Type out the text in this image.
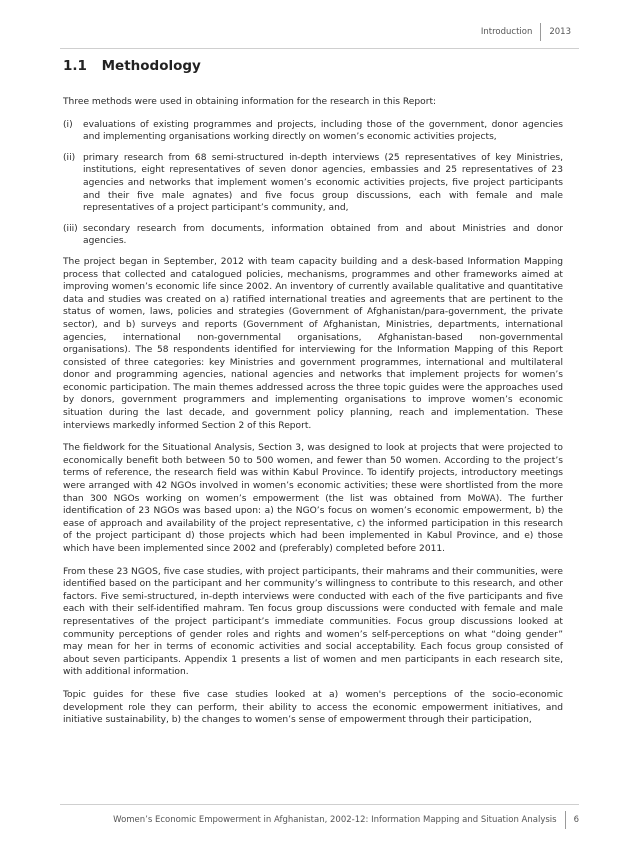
Introduction 2013
1.1 Methodology

Three methods were used in obtaining information for the research in this Report:

(i)	evaluations of existing programmes and projects, including those of the government, donor agencies and implementing organisations working directly on women’s economic activities projects,
(ii) primary research from 68 semi-structured in-depth interviews (25 representatives of key Ministries, institutions, eight representatives of seven donor agencies, embassies and 25 representatives of 23 agencies and networks that implement women’s economic activities projects, five project participants and their five male agnates) and five focus group discussions, each with female and male representatives of a project participant’s community, and,
(iii) secondary research from documents, information obtained from and about Ministries and donor agencies.

The project began in September, 2012 with team capacity building and a desk-based Information Mapping process that collected and catalogued policies, mechanisms, programmes and other frameworks aimed at improving women’s economic life since 2002. An inventory of currently available qualitative and quantitative data and studies was created on a) ratified international treaties and agreements that are pertinent to the status of women, laws, policies and strategies (Government of Afghanistan/para-government, the private sector), and b) surveys and reports (Government of Afghanistan, Ministries, departments, international agencies, international non-governmental organisations, Afghanistan-based non-governmental organisations). The 58 respondents identified for interviewing for the Information Mapping of this Report consisted of three categories: key Ministries and government programmes, international and multilateral donor and programming agencies, national agencies and networks that implement projects for women’s economic participation. The main themes addressed across the three topic guides were the approaches used by donors, government programmers and implementing organisations to improve women’s economic situation during the last decade, and government policy planning, reach and implementation. These interviews markedly informed Section 2 of this Report.

The fieldwork for the Situational Analysis, Section 3, was designed to look at projects that were projected to economically benefit both between 50 to 500 women, and fewer than 50 women. According to the project’s terms of reference, the research field was within Kabul Province. To identify projects, introductory meetings were arranged with 42 NGOs involved in women’s economic activities; these were shortlisted from the more than 300 NGOs working on women’s empowerment (the list was obtained from MoWA). The further identification of 23 NGOs was based upon: a) the NGO’s focus on women’s economic empowerment, b) the ease of approach and availability of the project representative, c) the informed participation in this research of the project participant d) those projects which had been implemented in Kabul Province, and e) those which have been implemented since 2002 and (preferably) completed before 2011.

From these 23 NGOS, five case studies, with project participants, their mahrams and their communities, were identified based on the participant and her community’s willingness to contribute to this research, and other factors. Five semi-structured, in-depth interviews were conducted with each of the five participants and five each with their self-identified mahram. Ten focus group discussions were conducted with female and male representatives of the project participant’s immediate communities. Focus group discussions looked at community perceptions of gender roles and rights and women’s self-perceptions on what “doing gender” may mean for her in terms of economic activities and social acceptability. Each focus group consisted of about seven participants. Appendix 1 presents a list of women and men participants in each research site, with additional information.

Topic guides for these five case studies looked at a) women's perceptions of the socio-economic development role they can perform, their ability to access the economic empowerment initiatives, and initiative sustainability, b) the changes to women’s sense of empowerment through their participation,

Women’s Economic Empowerment in Afghanistan, 2002-12: Information Mapping and Situation Analysis 6
